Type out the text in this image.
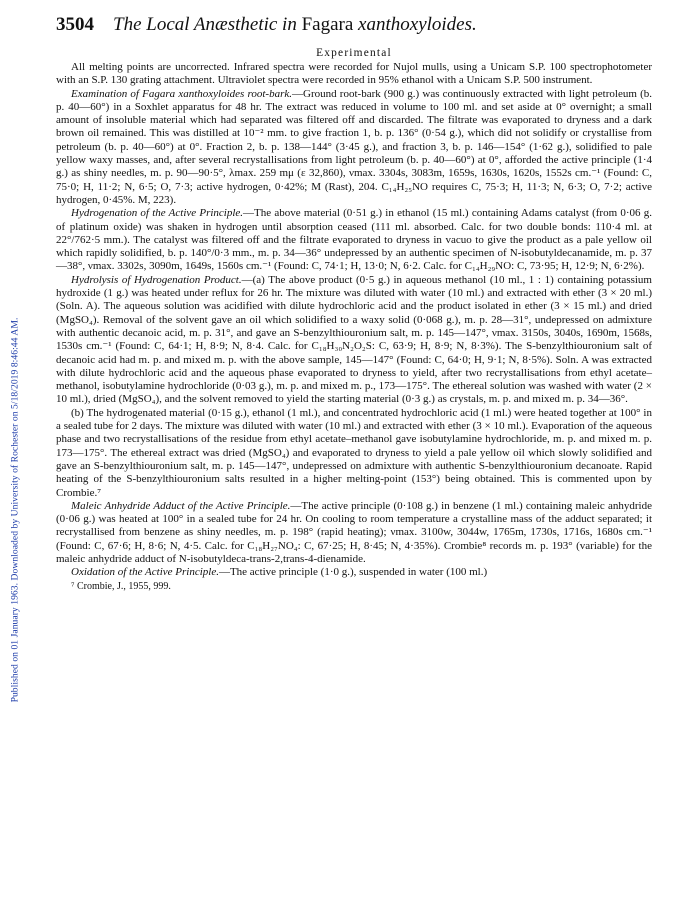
Published on 01 January 1963. Downloaded by University of Rochester on 5/18/2019 8:46:44 AM.
3504 The Local Anæsthetic in Fagara xanthoxyloides.
Experimental

All melting points are uncorrected. Infrared spectra were recorded for Nujol mulls, using a Unicam S.P. 100 spectrophotometer with an S.P. 130 grating attachment. Ultraviolet spectra were recorded in 95% ethanol with a Unicam S.P. 500 instrument.

Examination of Fagara xanthoxyloides root-bark.—Ground root-bark (900 g.) was continuously extracted with light petroleum (b. p. 40—60°) in a Soxhlet apparatus for 48 hr. The extract was reduced in volume to 100 ml. and set aside at 0° overnight; a small amount of insoluble material which had separated was filtered off and discarded. The filtrate was evaporated to dryness and a dark brown oil remained. This was distilled at 10⁻² mm. to give fraction 1, b. p. 136° (0·54 g.), which did not solidify or crystallise from petroleum (b. p. 40—60°) at 0°. Fraction 2, b. p. 138—144° (3·45 g.), and fraction 3, b. p. 146—154° (1·62 g.), solidified to pale yellow waxy masses, and, after several recrystallisations from light petroleum (b. p. 40—60°) at 0°, afforded the active principle (1·4 g.) as shiny needles, m. p. 90—90·5°, λmax. 259 mμ (ε 32,860), νmax. 3304s, 3083m, 1659s, 1630s, 1620s, 1552s cm.⁻¹ (Found: C, 75·0; H, 11·2; N, 6·5; O, 7·3; active hydrogen, 0·42%; M (Rast), 204. C₁₄H₂₅NO requires C, 75·3; H, 11·3; N, 6·3; O, 7·2; active hydrogen, 0·45%. M, 223).

Hydrogenation of the Active Principle.—The above material (0·51 g.) in ethanol (15 ml.) containing Adams catalyst (from 0·06 g. of platinum oxide) was shaken in hydrogen until absorption ceased (111 ml. absorbed. Calc. for two double bonds: 110·4 ml. at 22°/762·5 mm.). The catalyst was filtered off and the filtrate evaporated to dryness in vacuo to give the product as a pale yellow oil which rapidly solidified, b. p. 140°/0·3 mm., m. p. 34—36° undepressed by an authentic specimen of N-isobutyldecanamide, m. p. 37—38°, νmax. 3302s, 3090m, 1649s, 1560s cm.⁻¹ (Found: C, 74·1; H, 13·0; N, 6·2. Calc. for C₁₄H₂₉NO: C, 73·95; H, 12·9; N, 6·2%).

Hydrolysis of Hydrogenation Product.—(a) The above product (0·5 g.) in aqueous methanol (10 ml., 1 : 1) containing potassium hydroxide (1 g.) was heated under reflux for 26 hr. The mixture was diluted with water (10 ml.) and extracted with ether (3 × 20 ml.) (Soln. A). The aqueous solution was acidified with dilute hydrochloric acid and the product isolated in ether (3 × 15 ml.) and dried (MgSO₄). Removal of the solvent gave an oil which solidified to a waxy solid (0·068 g.), m. p. 28—31°, undepressed on admixture with authentic decanoic acid, m. p. 31°, and gave an S-benzylthiouronium salt, m. p. 145—147°, νmax. 3150s, 3040s, 1690m, 1568s, 1530s cm.⁻¹ (Found: C, 64·1; H, 8·9; N, 8·4. Calc. for C₁₈H₃₀N₂O₂S: C, 63·9; H, 8·9; N, 8·3%). The S-benzylthiouronium salt of decanoic acid had m. p. and mixed m. p. with the above sample, 145—147° (Found: C, 64·0; H, 9·1; N, 8·5%). Soln. A was extracted with dilute hydrochloric acid and the aqueous phase evaporated to dryness to yield, after two recrystallisations from ethyl acetate–methanol, isobutylamine hydrochloride (0·03 g.), m. p. and mixed m. p., 173—175°. The ethereal solution was washed with water (2 × 10 ml.), dried (MgSO₄), and the solvent removed to yield the starting material (0·3 g.) as crystals, m. p. and mixed m. p. 34—36°.

(b) The hydrogenated material (0·15 g.), ethanol (1 ml.), and concentrated hydrochloric acid (1 ml.) were heated together at 100° in a sealed tube for 2 days. The mixture was diluted with water (10 ml.) and extracted with ether (3 × 10 ml.). Evaporation of the aqueous phase and two recrystallisations of the residue from ethyl acetate–methanol gave isobutylamine hydrochloride, m. p. and mixed m. p. 173—175°. The ethereal extract was dried (MgSO₄) and evaporated to dryness to yield a pale yellow oil which slowly solidified and gave an S-benzylthiouronium salt, m. p. 145—147°, undepressed on admixture with authentic S-benzylthiouronium decanoate. Rapid heating of the S-benzylthiouronium salts resulted in a higher melting-point (153°) being obtained. This is commented upon by Crombie.⁷

Maleic Anhydride Adduct of the Active Principle.—The active principle (0·108 g.) in benzene (1 ml.) containing maleic anhydride (0·06 g.) was heated at 100° in a sealed tube for 24 hr. On cooling to room temperature a crystalline mass of the adduct separated; it recrystallised from benzene as shiny needles, m. p. 198° (rapid heating); νmax. 3100w, 3044w, 1765m, 1730s, 1716s, 1680s cm.⁻¹ (Found: C, 67·6; H, 8·6; N, 4·5. Calc. for C₁₈H₂₇NO₄: C, 67·25; H, 8·45; N, 4·35%). Crombie⁸ records m. p. 193° (variable) for the maleic anhydride adduct of N-isobutyldeca-trans-2,trans-4-dienamide.

Oxidation of the Active Principle.—The active principle (1·0 g.), suspended in water (100 ml.)

⁷ Crombie, J., 1955, 999.
